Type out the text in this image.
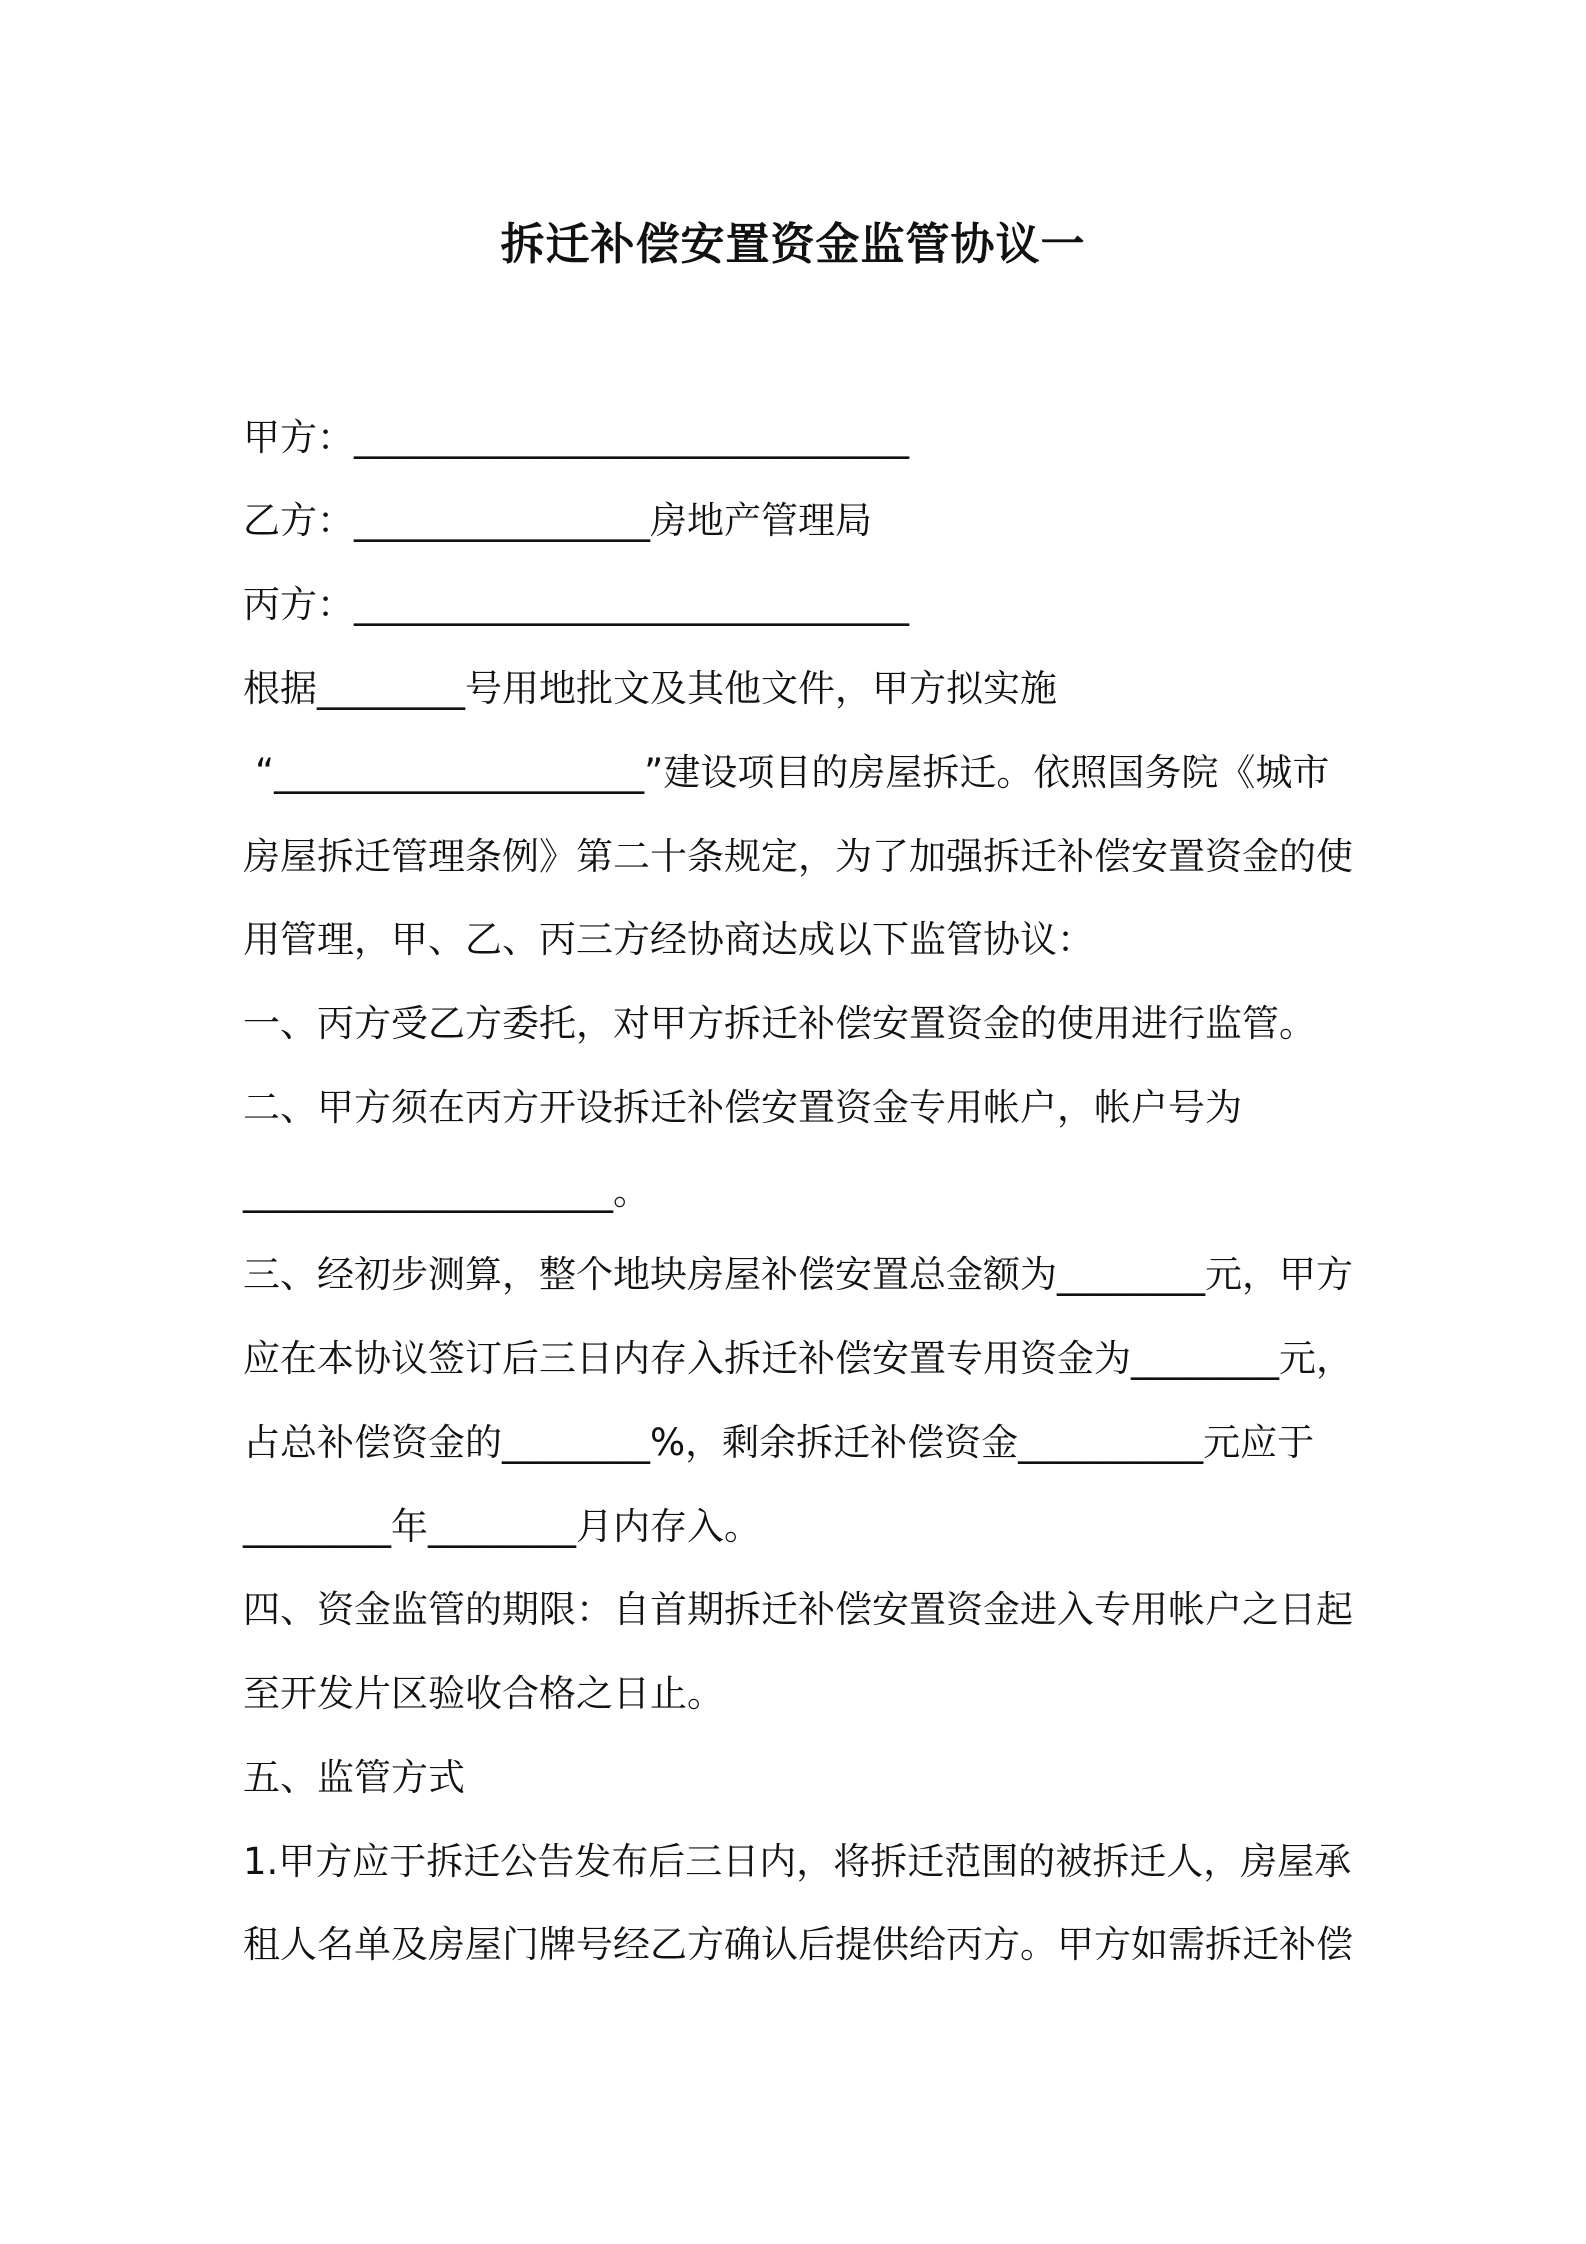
拆迁补偿安置资金监管协议一
甲方：______________________________
乙方：________________房地产管理局
丙方：______________________________
根据________号用地批文及其他文件，甲方拟实施
“____________________”建设项目的房屋拆迁。依照国务院《城市
房屋拆迁管理条例》第二十条规定，为了加强拆迁补偿安置资金的使
用管理，甲、乙、丙三方经协商达成以下监管协议：
一、丙方受乙方委托，对甲方拆迁补偿安置资金的使用进行监管。
二、甲方须在丙方开设拆迁补偿安置资金专用帐户，帐户号为
____________________。
三、经初步测算，整个地块房屋补偿安置总金额为________元，甲方
应在本协议签订后三日内存入拆迁补偿安置专用资金为________元，
占总补偿资金的________%，剩余拆迁补偿资金__________元应于
________年________月内存入。
四、资金监管的期限：自首期拆迁补偿安置资金进入专用帐户之日起
至开发片区验收合格之日止。
五、监管方式
1.甲方应于拆迁公告发布后三日内，将拆迁范围的被拆迁人，房屋承
租人名单及房屋门牌号经乙方确认后提供给丙方。甲方如需拆迁补偿
